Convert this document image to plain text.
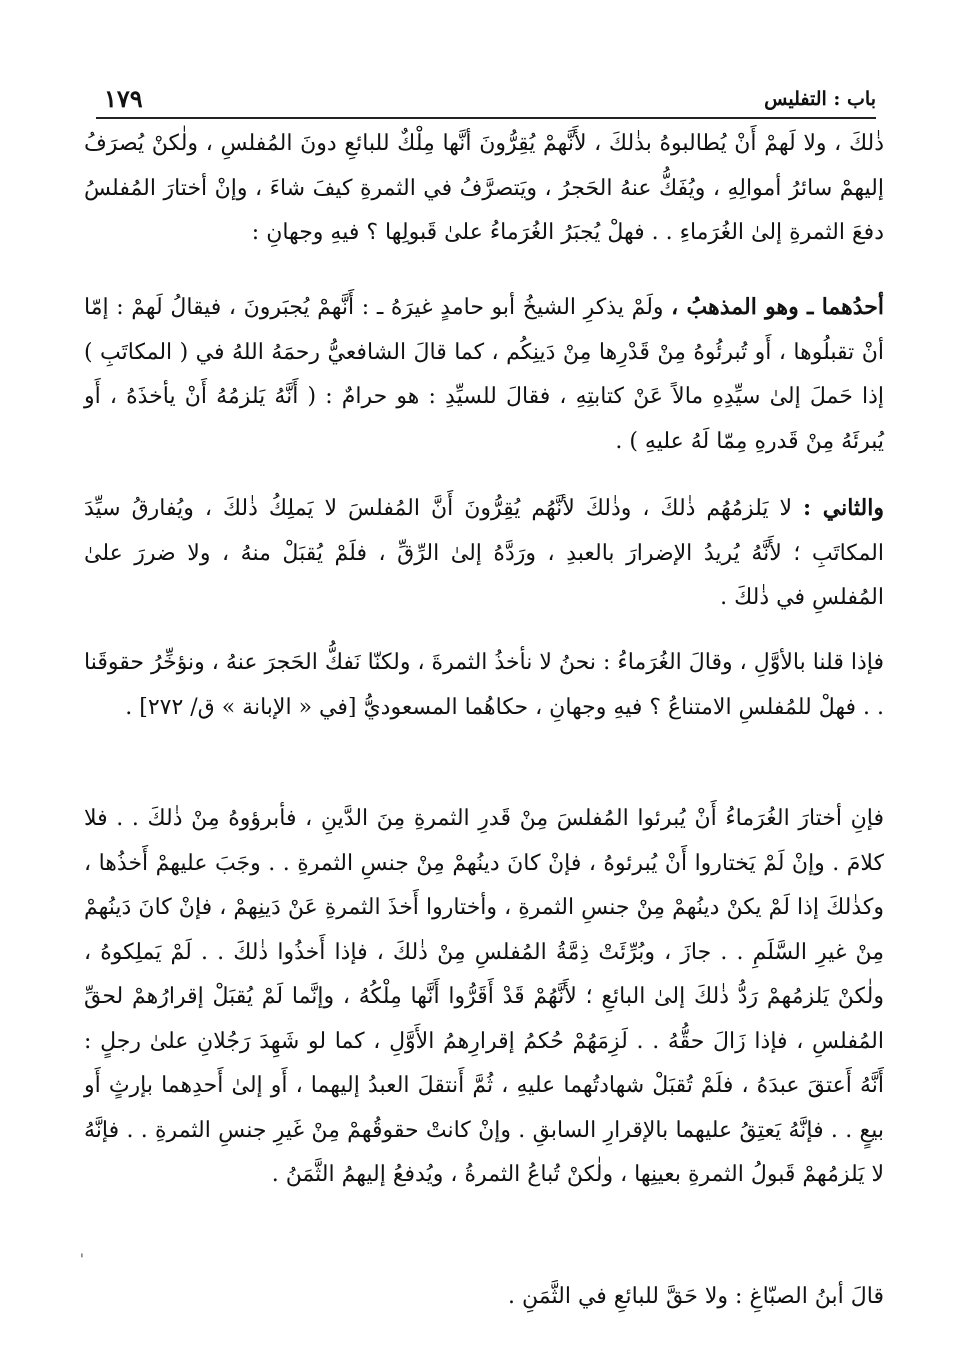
باب : التفليس
١٧٩

ذٰلكَ ، ولا لَهمْ أَنْ يُطالبوهُ بذٰلكَ ، لأَنَّهمْ يُقِرُّونَ أنَّها مِلْكٌ للبائعِ دونَ المُفلسِ ، ولٰكنْ يُصرَفُ إليهمْ سائرُ أموالِهِ ، ويُفَكُّ عنهُ الحَجرُ ، ويَتصرَّفُ في الثمرةِ كيفَ شاءَ ، وإنْ أختارَ المُفلسُ دفعَ الثمرةِ إلىٰ الغُرَماءِ . . فهلْ يُجبَرُ الغُرَماءُ علىٰ قَبولِها ؟ فيهِ وجهانِ :

أحدُهما ـ وهو المذهبُ ، ولَمْ يذكرِ الشيخُ أبو حامدٍ غيرَهُ ـ : أَنَّهمْ يُجبَرونَ ، فيقالُ لَهمْ : إمّا أنْ تقبلُوها ، أَو تُبرئُوهُ مِنْ قَدْرِها مِنْ دَينِكُم ، كما قالَ الشافعيُّ رحمَهُ اللهُ في ( المكاتَبِ ) إذا حَملَ إلىٰ سيِّدِهِ مالاً عَنْ كتابتِهِ ، فقالَ للسيِّدِ : هو حرامٌ : ( أَنَّهُ يَلزمُهُ أَنْ يأخذَهُ ، أَو يُبرئَهُ مِنْ قَدرهِ مِمّا لَهُ عليهِ ) .

والثاني : لا يَلزمُهُم ذٰلكَ ، وذٰلكَ لأنَّهُم يُقِرُّونَ أَنَّ المُفلسَ لا يَملِكُ ذٰلكَ ، ويُفارقُ سيِّدَ المكاتَبِ ؛ لأَنَّهُ يُريدُ الإضرارَ بالعبدِ ، ورَدَّهُ إلىٰ الرِّقِّ ، فلَمْ يُقبَلْ منهُ ، ولا ضررَ علىٰ المُفلسِ في ذٰلكَ .

فإذا قلنا بالأوَّلِ ، وقالَ الغُرَماءُ : نحنُ لا نأخذُ الثمرةَ ، ولكنّا نَفكُّ الحَجرَ عنهُ ، ونؤخِّرُ حقوقَنا . . فهلْ للمُفلسِ الامتناعُ ؟ فيهِ وجهانِ ، حكاهُما المسعوديُّ [في « الإبانة » ق/ ٢٧٢] .

فإنِ أختارَ الغُرَماءُ أَنْ يُبرئوا المُفلسَ مِنْ قَدرِ الثمرةِ مِنَ الدَّينِ ، فأبرؤوهُ مِنْ ذٰلكَ . . فلا كلامَ . وإنْ لَمْ يَختاروا أَنْ يُبرئوهُ ، فإنْ كانَ دينُهمْ مِنْ جنسِ الثمرةِ . . وجَبَ عليهمْ أَخذُها ، وكذٰلكَ إذا لَمْ يكنْ دينُهمْ مِنْ جنسِ الثمرةِ ، وأختاروا أَخذَ الثمرةِ عَنْ دَينِهمْ ، فإنْ كانَ دَينُهمْ مِنْ غيرِ السَّلَمِ . . جازَ ، وبُرِّئَتْ ذِمَّةُ المُفلسِ مِنْ ذٰلكَ ، فإذا أَخذُوا ذٰلكَ . . لَمْ يَملِكوهُ ، ولٰكنْ يَلزمُهمْ رَدُّ ذٰلكَ إلىٰ البائعِ ؛ لأَنَّهُمْ قَدْ أَقَرُّوا أَنَّها مِلْكُهُ ، وإنَّما لَمْ يُقبَلْ إقرارُهمْ لحقِّ المُفلسِ ، فإذا زَالَ حقُّهُ . . لَزِمَهُمْ حُكمُ إقرارِهمُ الأَوَّلِ ، كما لو شَهِدَ رَجُلانِ علىٰ رجلٍ : أَنَّهُ أَعتقَ عبدَهُ ، فلَمْ تُقبَلْ شهادتُهما عليهِ ، ثُمَّ أَنتقلَ العبدُ إليهما ، أَو إلىٰ أَحدِهما بإرثٍ أَو بيعٍ . . فإنَّهُ يَعتِقُ عليهما بالإقرارِ السابقِ . وإنْ كانتْ حقوقُهمْ مِنْ غَيرِ جنسِ الثمرةِ . . فإنَّهُ لا يَلزمُهمْ قَبولُ الثمرةِ بعينِها ، ولٰكنْ تُباعُ الثمرةُ ، ويُدفعُ إليهمُ الثَّمَنُ .

قالَ أبنُ الصبّاغِ : ولا حَقَّ للبائعِ في الثَّمَنِ .

'
